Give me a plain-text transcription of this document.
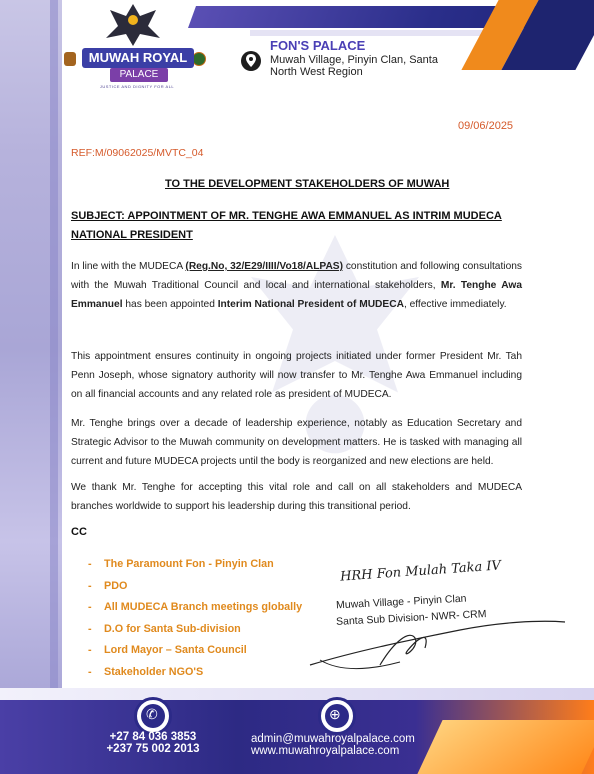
MUWAH ROYAL
PALACE
JUSTICE AND DIGNITY FOR ALL
FON'S PALACE
Muwah Village, Pinyin Clan, Santa
North West Region
09/06/2025
REF:M/09062025/MVTC_04
TO THE DEVELOPMENT STAKEHOLDERS OF MUWAH
SUBJECT: APPOINTMENT OF MR. TENGHE AWA EMMANUEL AS INTRIM MUDECA NATIONAL PRESIDENT
In line with the MUDECA (Reg.No, 32/E29/IIII/Vo18/ALPAS) constitution and following consultations with the Muwah Traditional Council and local and international stakeholders, Mr. Tenghe Awa Emmanuel has been appointed Interim National President of MUDECA, effective immediately.
This appointment ensures continuity in ongoing projects initiated under former President Mr. Tah Penn Joseph, whose signatory authority will now transfer to Mr. Tenghe Awa Emmanuel including on all financial accounts and any related role as president of MUDECA.
Mr. Tenghe brings over a decade of leadership experience, notably as Education Secretary and Strategic Advisor to the Muwah community on development matters. He is tasked with managing all current and future MUDECA projects until the body is reorganized and new elections are held.
We thank Mr. Tenghe for accepting this vital role and call on all stakeholders and MUDECA branches worldwide to support his leadership during this transitional period.
CC
- The Paramount Fon - Pinyin Clan
- PDO
- All MUDECA Branch meetings globally
- D.O for Santa Sub-division
- Lord Mayor – Santa Council
- Stakeholder NGO'S
HRH Fon Mulah Taka IV
Muwah Village - Pinyin Clan
Santa Sub Division- NWR- CRM
✆	⊕
+27 84 036 3853
+237 75 002 2013
admin@muwahroyalpalace.com
www.muwahroyalpalace.com
